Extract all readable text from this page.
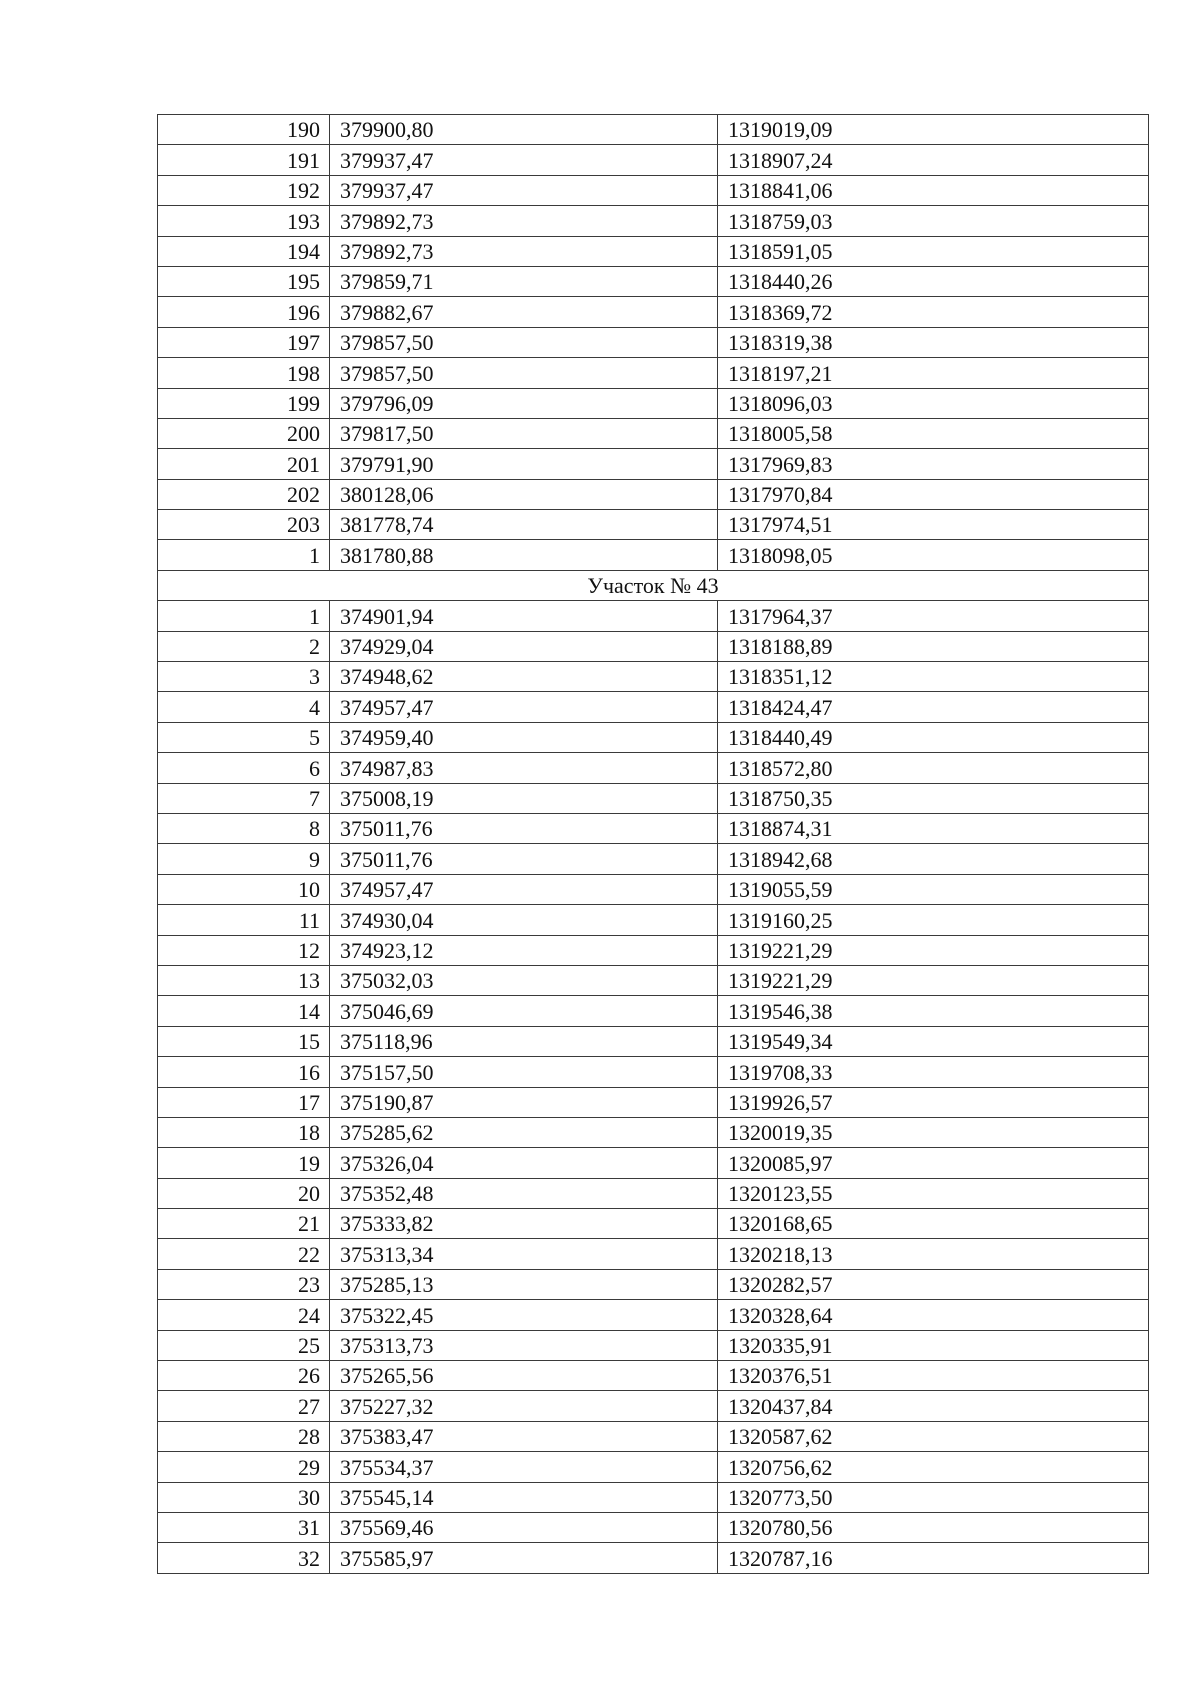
190	379900,80	1319019,09
191	379937,47	1318907,24
192	379937,47	1318841,06
193	379892,73	1318759,03
194	379892,73	1318591,05
195	379859,71	1318440,26
196	379882,67	1318369,72
197	379857,50	1318319,38
198	379857,50	1318197,21
199	379796,09	1318096,03
200	379817,50	1318005,58
201	379791,90	1317969,83
202	380128,06	1317970,84
203	381778,74	1317974,51
1	381780,88	1318098,05
Участок № 43		
1	374901,94	1317964,37
2	374929,04	1318188,89
3	374948,62	1318351,12
4	374957,47	1318424,47
5	374959,40	1318440,49
6	374987,83	1318572,80
7	375008,19	1318750,35
8	375011,76	1318874,31
9	375011,76	1318942,68
10	374957,47	1319055,59
11	374930,04	1319160,25
12	374923,12	1319221,29
13	375032,03	1319221,29
14	375046,69	1319546,38
15	375118,96	1319549,34
16	375157,50	1319708,33
17	375190,87	1319926,57
18	375285,62	1320019,35
19	375326,04	1320085,97
20	375352,48	1320123,55
21	375333,82	1320168,65
22	375313,34	1320218,13
23	375285,13	1320282,57
24	375322,45	1320328,64
25	375313,73	1320335,91
26	375265,56	1320376,51
27	375227,32	1320437,84
28	375383,47	1320587,62
29	375534,37	1320756,62
30	375545,14	1320773,50
31	375569,46	1320780,56
32	375585,97	1320787,16
